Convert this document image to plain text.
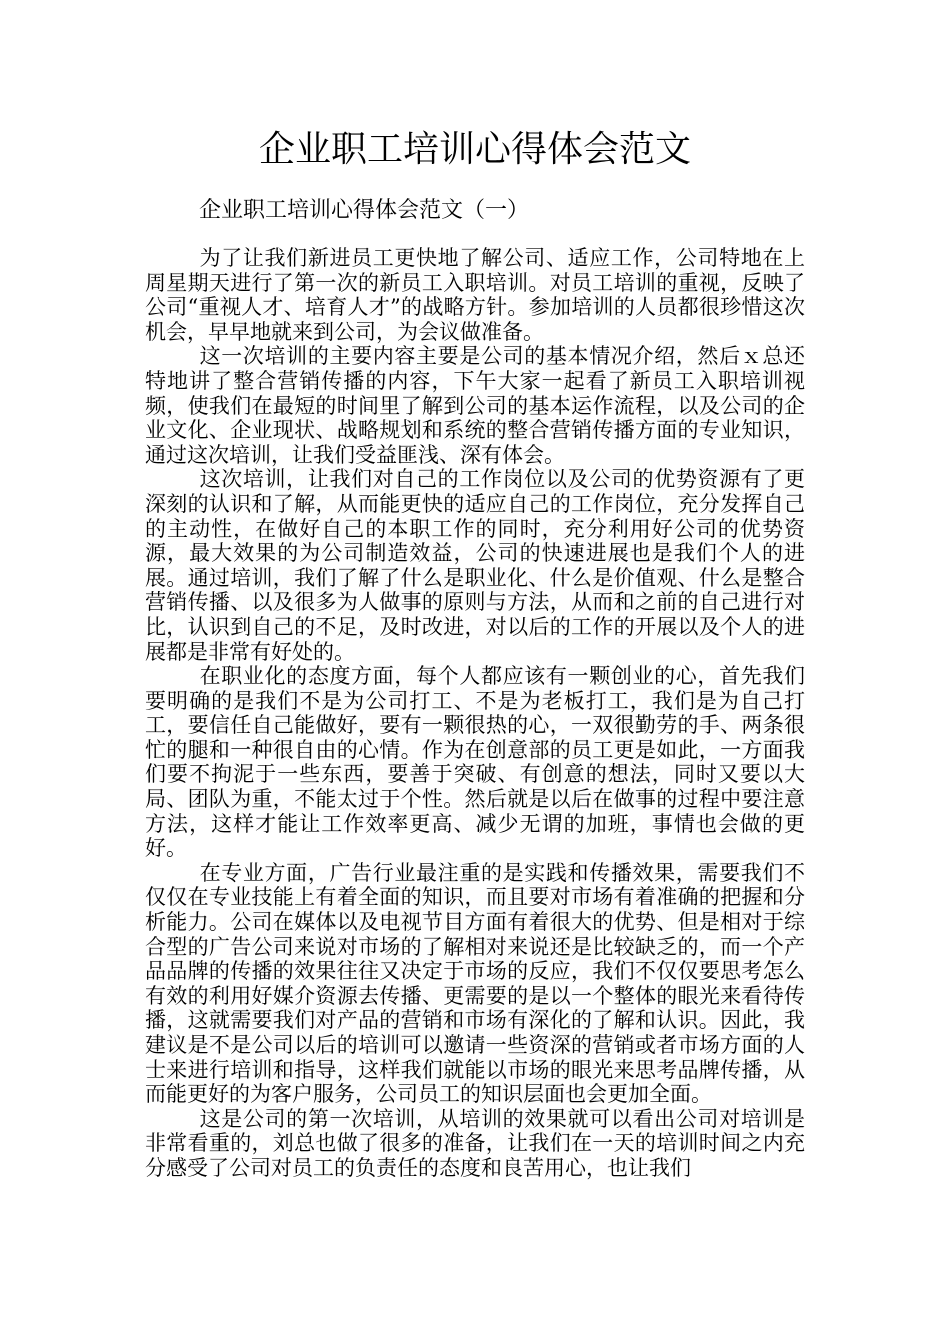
企业职工培训心得体会范文
企业职工培训心得体会范文（一）

为了让我们新进员工更快地了解公司、适应工作，公司特地在上周星期天进行了第一次的新员工入职培训。对员工培训的重视，反映了公司“重视人才、培育人才”的战略方针。参加培训的人员都很珍惜这次机会，早早地就来到公司，为会议做准备。

这一次培训的主要内容主要是公司的基本情况介绍，然后ｘ总还特地讲了整合营销传播的内容，下午大家一起看了新员工入职培训视频，使我们在最短的时间里了解到公司的基本运作流程，以及公司的企业文化、企业现状、战略规划和系统的整合营销传播方面的专业知识，通过这次培训，让我们受益匪浅、深有体会。

这次培训，让我们对自己的工作岗位以及公司的优势资源有了更深刻的认识和了解，从而能更快的适应自己的工作岗位，充分发挥自己的主动性，在做好自己的本职工作的同时，充分利用好公司的优势资源，最大效果的为公司制造效益，公司的快速进展也是我们个人的进展。通过培训，我们了解了什么是职业化、什么是价值观、什么是整合营销传播、以及很多为人做事的原则与方法，从而和之前的自己进行对比，认识到自己的不足，及时改进，对以后的工作的开展以及个人的进展都是非常有好处的。

在职业化的态度方面，每个人都应该有一颗创业的心，首先我们要明确的是我们不是为公司打工、不是为老板打工，我们是为自己打工，要信任自己能做好，要有一颗很热的心，一双很勤劳的手、两条很忙的腿和一种很自由的心情。作为在创意部的员工更是如此，一方面我们要不拘泥于一些东西，要善于突破、有创意的想法，同时又要以大局、团队为重，不能太过于个性。然后就是以后在做事的过程中要注意方法，这样才能让工作效率更高、减少无谓的加班，事情也会做的更好。

在专业方面，广告行业最注重的是实践和传播效果，需要我们不仅仅在专业技能上有着全面的知识，而且要对市场有着准确的把握和分析能力。公司在媒体以及电视节目方面有着很大的优势、但是相对于综合型的广告公司来说对市场的了解相对来说还是比较缺乏的，而一个产品品牌的传播的效果往往又决定于市场的反应，我们不仅仅要思考怎么有效的利用好媒介资源去传播、更需要的是以一个整体的眼光来看待传播，这就需要我们对产品的营销和市场有深化的了解和认识。因此，我建议是不是公司以后的培训可以邀请一些资深的营销或者市场方面的人士来进行培训和指导，这样我们就能以市场的眼光来思考品牌传播，从而能更好的为客户服务，公司员工的知识层面也会更加全面。

这是公司的第一次培训，从培训的效果就可以看出公司对培训是非常看重的，刘总也做了很多的准备，让我们在一天的培训时间之内充分感受了公司对员工的负责任的态度和良苦用心，也让我们
